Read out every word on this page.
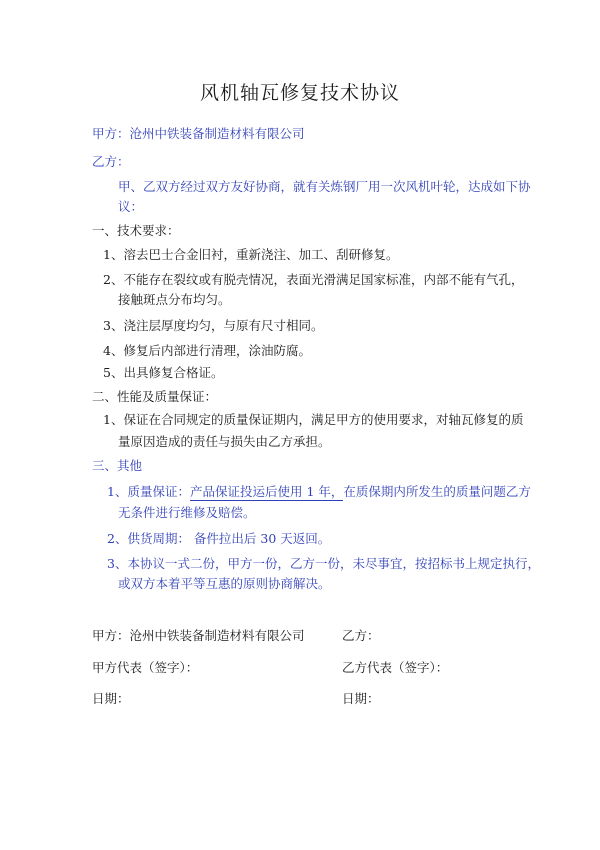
风机轴瓦修复技术协议
甲方：沧州中铁装备制造材料有限公司
乙方：
甲、乙双方经过双方友好协商，就有关炼钢厂用一次风机叶轮，达成如下协
议：
一、技术要求：
1、溶去巴士合金旧衬，重新浇注、加工、刮研修复。
2、不能存在裂纹或有脱壳情况，表面光滑满足国家标准，内部不能有气孔，
接触斑点分布均匀。
3、浇注层厚度均匀，与原有尺寸相同。
4、修复后内部进行清理，涂油防腐。
5、出具修复合格证。
二、性能及质量保证：
1、保证在合同规定的质量保证期内，满足甲方的使用要求，对轴瓦修复的质
量原因造成的责任与损失由乙方承担。
三、其他
1、质量保证：产品保证投运后使用 1 年，在质保期内所发生的质量问题乙方
无条件进行维修及赔偿。
2、供货周期： 备件拉出后 30 天返回。
3、本协议一式二份，甲方一份，乙方一份，未尽事宜，按招标书上规定执行，
或双方本着平等互惠的原则协商解决。
甲方：沧州中铁装备制造材料有限公司	乙方：
甲方代表（签字）：	乙方代表（签字）：
日期：	日期：
